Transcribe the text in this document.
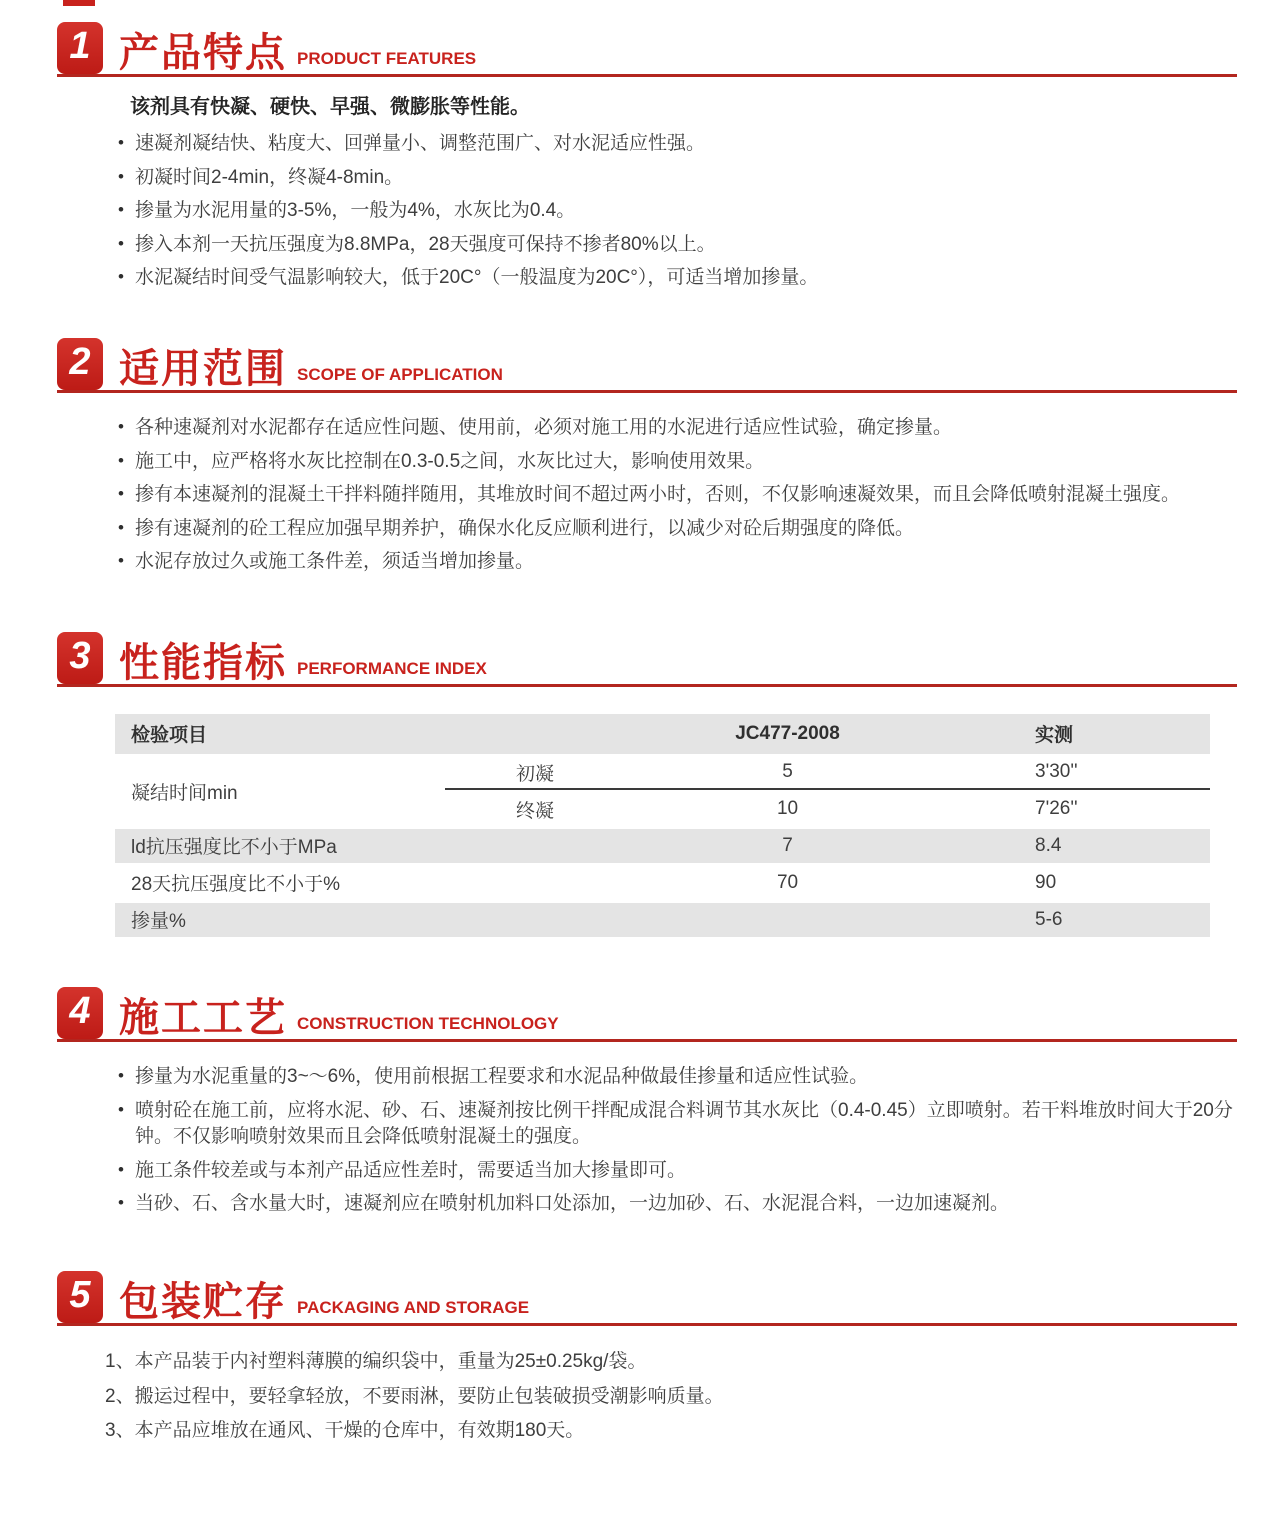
1 产品特点 PRODUCT FEATURES

该剂具有快凝、硬快、早强、微膨胀等性能。

• 速凝剂凝结快、粘度大、回弹量小、调整范围广、对水泥适应性强。
• 初凝时间2-4min，终凝4-8min。
• 掺量为水泥用量的3-5%，一般为4%，水灰比为0.4。
• 掺入本剂一天抗压强度为8.8MPa，28天强度可保持不掺者80%以上。
• 水泥凝结时间受气温影响较大，低于20C°（一般温度为20C°），可适当增加掺量。
2 适用范围 SCOPE OF APPLICATION
• 各种速凝剂对水泥都存在适应性问题、使用前，必须对施工用的水泥进行适应性试验，确定掺量。
• 施工中，应严格将水灰比控制在0.3-0.5之间，水灰比过大，影响使用效果。
• 掺有本速凝剂的混凝土干拌料随拌随用，其堆放时间不超过两小时，否则，不仅影响速凝效果，而且会降低喷射混凝土强度。
• 掺有速凝剂的砼工程应加强早期养护，确保水化反应顺利进行，以减少对砼后期强度的降低。
• 水泥存放过久或施工条件差，须适当增加掺量。
3 性能指标 PERFORMANCE INDEX
检验项目		JC477-2008	实测
凝结时间min	初凝	5	3'30''
	终凝	10	7'26''
ld抗压强度比不小于MPa		7	8.4
28天抗压强度比不小于%		70	90
掺量%			5-6
4 施工工艺 CONSTRUCTION TECHNOLOGY
• 掺量为水泥重量的3~～6%，使用前根据工程要求和水泥品种做最佳掺量和适应性试验。
• 喷射砼在施工前，应将水泥、砂、石、速凝剂按比例干拌配成混合料调节其水灰比（0.4-0.45）立即喷射。若干料堆放时间大于20分钟。不仅影响喷射效果而且会降低喷射混凝土的强度。
• 施工条件较差或与本剂产品适应性差时，需要适当加大掺量即可。
• 当砂、石、含水量大时，速凝剂应在喷射机加料口处添加，一边加砂、石、水泥混合料，一边加速凝剂。
5 包装贮存 PACKAGING AND STORAGE

1、本产品装于内衬塑料薄膜的编织袋中，重量为25±0.25kg/袋。

2、搬运过程中，要轻拿轻放，不要雨淋，要防止包装破损受潮影响质量。

3、本产品应堆放在通风、干燥的仓库中，有效期180天。
